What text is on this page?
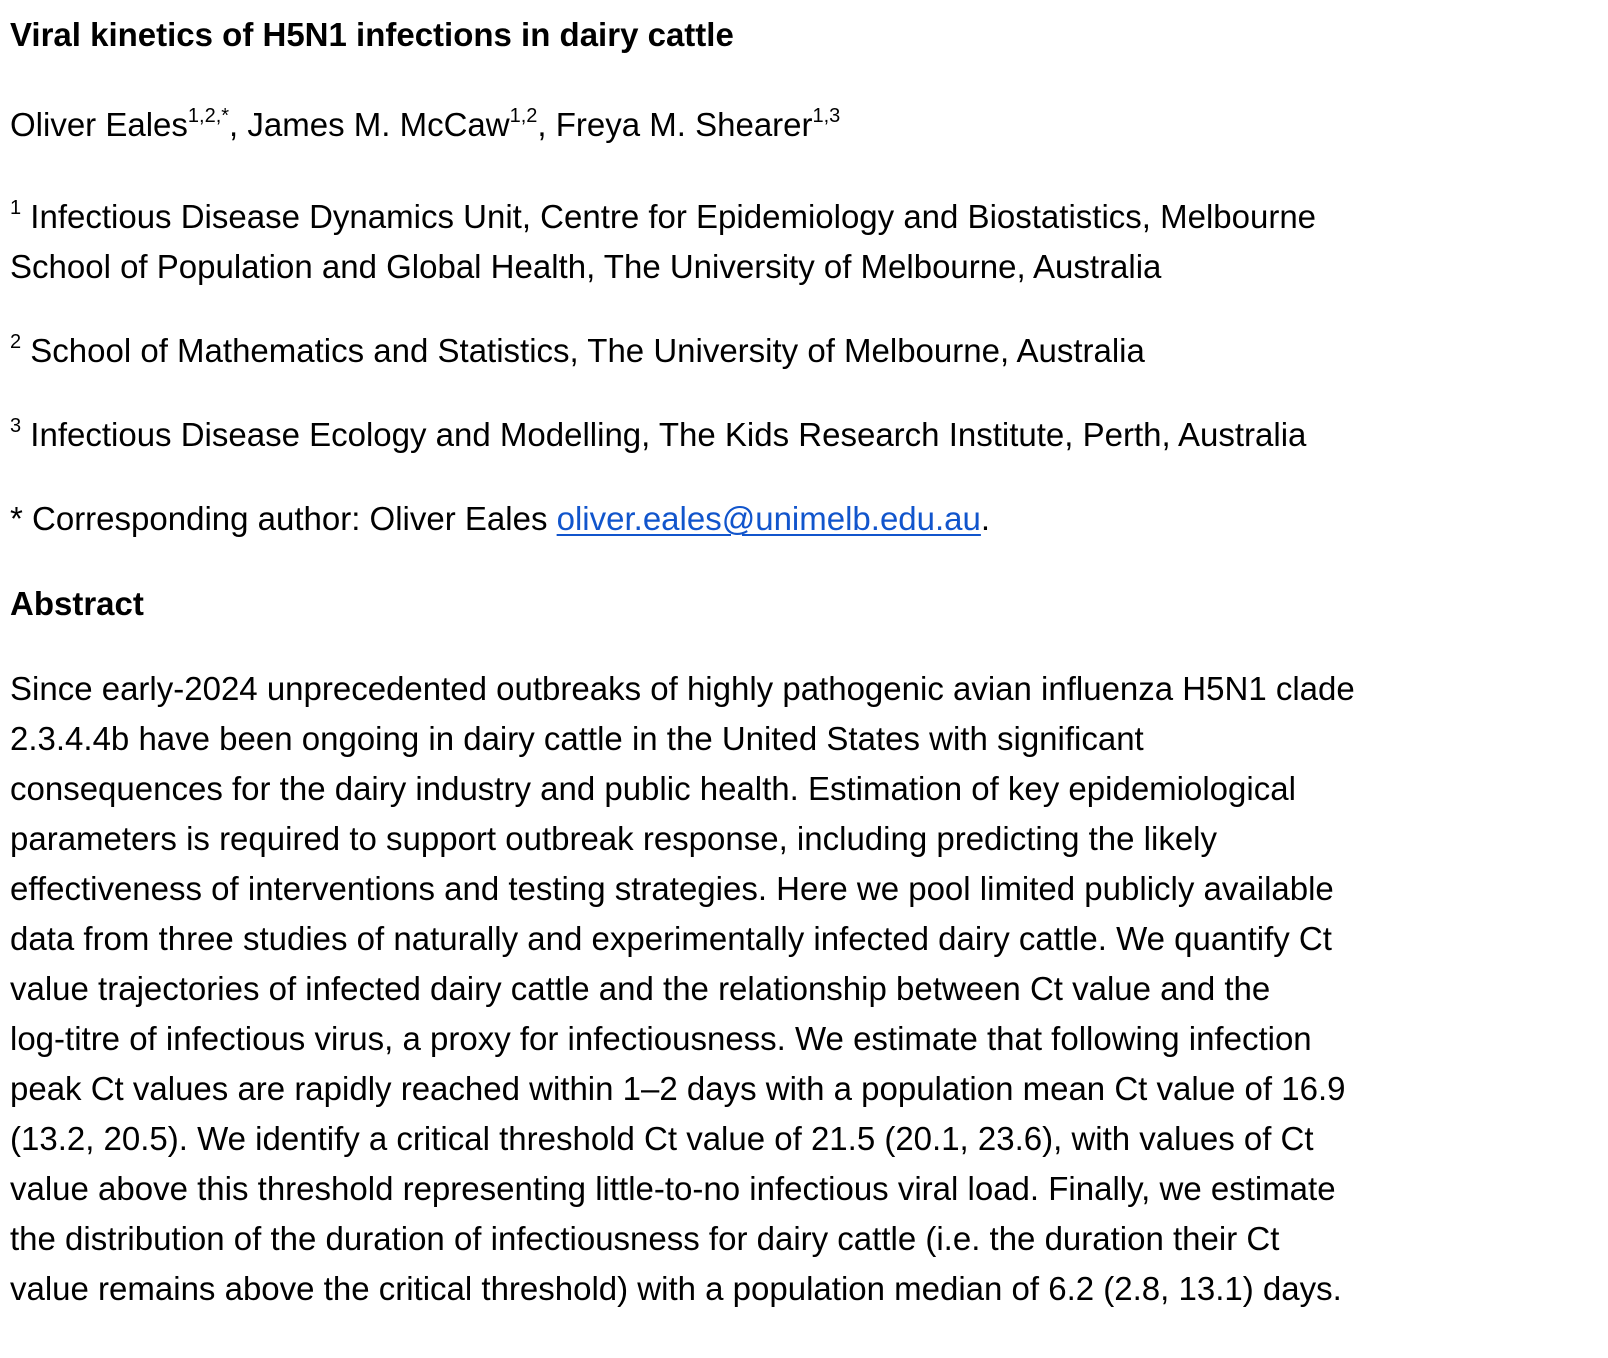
Viral kinetics of H5N1 infections in dairy cattle
Oliver Eales$^{1,2,*}$, James M. McCaw$^{1,2}$, Freya M. Shearer$^{1,3}$
$^1$ Infectious Disease Dynamics Unit, Centre for Epidemiology and Biostatistics, Melbourne
School of Population and Global Health, The University of Melbourne, Australia
$^2$ School of Mathematics and Statistics, The University of Melbourne, Australia
$^3$ Infectious Disease Ecology and Modelling, The Kids Research Institute, Perth, Australia
* Corresponding author: Oliver Eales oliver.eales@unimelb.edu.au.
Abstract
Since early-2024 unprecedented outbreaks of highly pathogenic avian influenza H5N1 clade
2.3.4.4b have been ongoing in dairy cattle in the United States with significant
consequences for the dairy industry and public health. Estimation of key epidemiological
parameters is required to support outbreak response, including predicting the likely
effectiveness of interventions and testing strategies. Here we pool limited publicly available
data from three studies of naturally and experimentally infected dairy cattle. We quantify Ct
value trajectories of infected dairy cattle and the relationship between Ct value and the
log-titre of infectious virus, a proxy for infectiousness. We estimate that following infection
peak Ct values are rapidly reached within 1–2 days with a population mean Ct value of 16.9
(13.2, 20.5). We identify a critical threshold Ct value of 21.5 (20.1, 23.6), with values of Ct
value above this threshold representing little-to-no infectious viral load. Finally, we estimate
the distribution of the duration of infectiousness for dairy cattle (i.e. the duration their Ct
value remains above the critical threshold) with a population median of 6.2 (2.8, 13.1) days.
